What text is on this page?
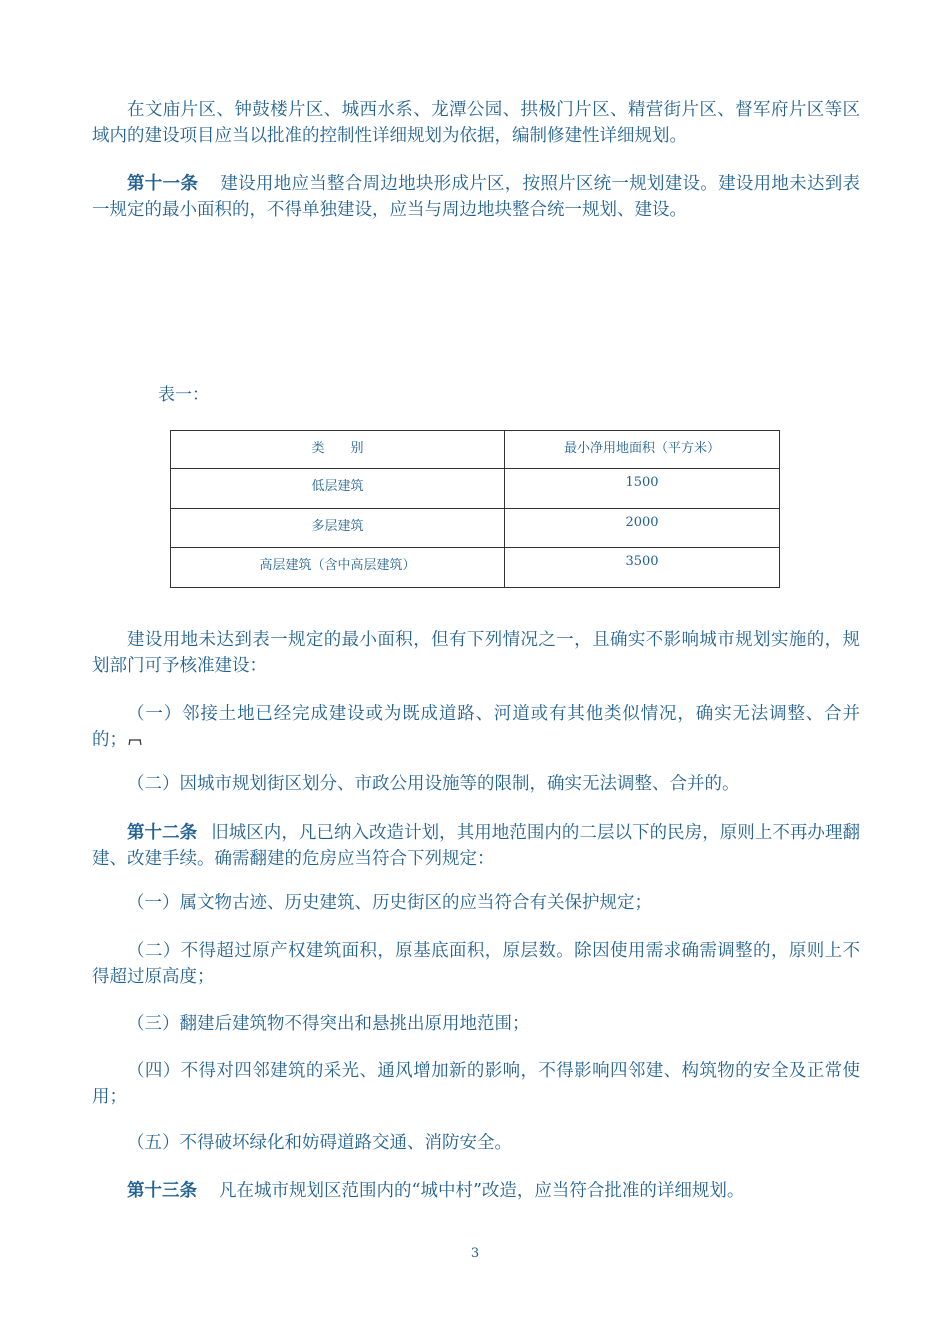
在文庙片区、钟鼓楼片区、城西水系、龙潭公园、拱极门片区、精营街片区、督军府片区等区域内的建设项目应当以批准的控制性详细规划为依据，编制修建性详细规划。

第十一条 建设用地应当整合周边地块形成片区，按照片区统一规划建设。建设用地未达到表一规定的最小面积的，不得单独建设，应当与周边地块整合统一规划、建设。

表一：
类　　别	最小净用地面积（平方米）
低层建筑	1500
多层建筑	2000
高层建筑（含中高层建筑）	3500

建设用地未达到表一规定的最小面积，但有下列情况之一，且确实不影响城市规划实施的，规划部门可予核准建设：

（一）邻接土地已经完成建设或为既成道路、河道或有其他类似情况，确实无法调整、合并的；

（二）因城市规划街区划分、市政公用设施等的限制，确实无法调整、合并的。

第十二条 旧城区内，凡已纳入改造计划，其用地范围内的二层以下的民房，原则上不再办理翻建、改建手续。确需翻建的危房应当符合下列规定：

（一）属文物古迹、历史建筑、历史街区的应当符合有关保护规定；

（二）不得超过原产权建筑面积，原基底面积，原层数。除因使用需求确需调整的，原则上不得超过原高度；

（三）翻建后建筑物不得突出和悬挑出原用地范围；

（四）不得对四邻建筑的采光、通风增加新的影响，不得影响四邻建、构筑物的安全及正常使用；

（五）不得破坏绿化和妨碍道路交通、消防安全。

第十三条 凡在城市规划区范围内的“城中村”改造，应当符合批准的详细规划。

3
